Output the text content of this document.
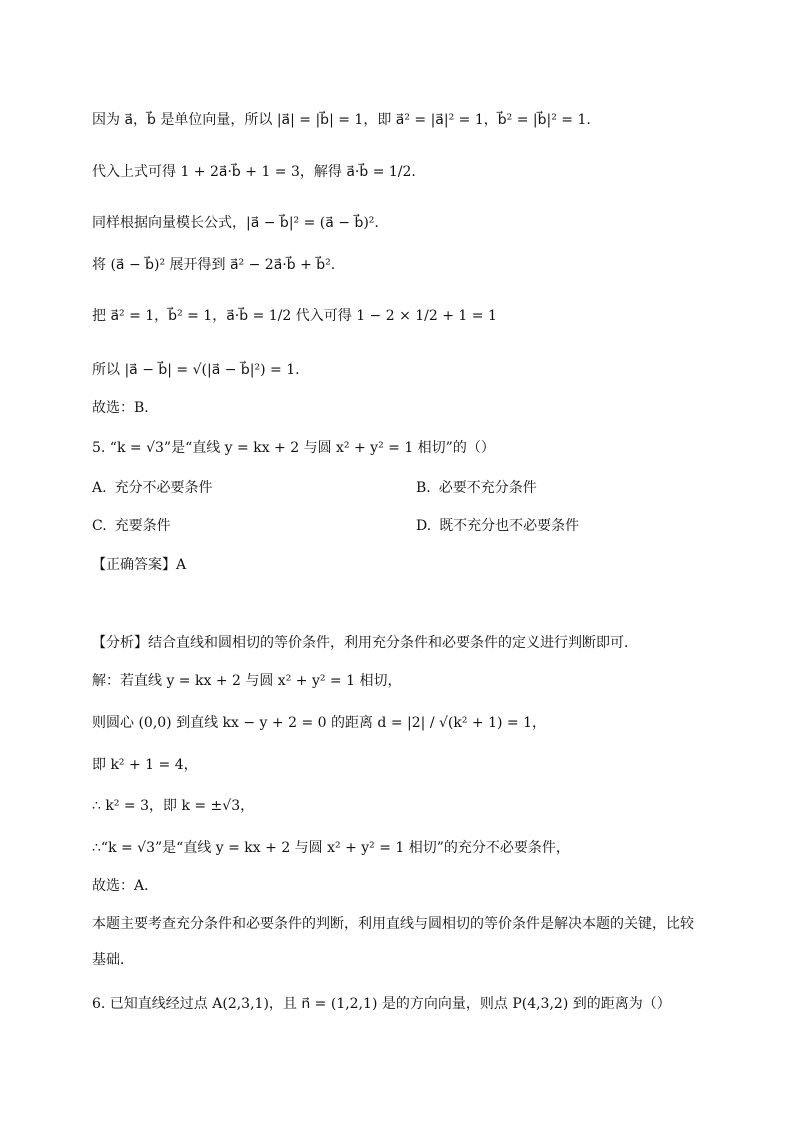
因为 a⃗，b⃗ 是单位向量，所以 |a⃗| = |b⃗| = 1，即 a⃗² = |a⃗|² = 1，b⃗² = |b⃗|² = 1.
代入上式可得 1 + 2a⃗·b⃗ + 1 = 3，解得 a⃗·b⃗ = 1/2.
同样根据向量模长公式，|a⃗ − b⃗|² = (a⃗ − b⃗)².
将 (a⃗ − b⃗)² 展开得到 a⃗² − 2a⃗·b⃗ + b⃗².
把 a⃗² = 1，b⃗² = 1，a⃗·b⃗ = 1/2 代入可得 1 − 2 × 1/2 + 1 = 1
所以 |a⃗ − b⃗| = √(|a⃗ − b⃗|²) = 1.
故选：B.
5. “k = √3”是“直线 y = kx + 2 与圆 x² + y² = 1 相切”的（）
A. 充分不必要条件	B. 必要不充分条件
C. 充要条件	D. 既不充分也不必要条件
【正确答案】A
【分析】结合直线和圆相切的等价条件，利用充分条件和必要条件的定义进行判断即可．
解：若直线 y = kx + 2 与圆 x² + y² = 1 相切，
则圆心 (0,0) 到直线 kx − y + 2 = 0 的距离 d = |2| / √(k² + 1) = 1，
即 k² + 1 = 4，
∴ k² = 3，即 k = ±√3，
∴“k = √3”是“直线 y = kx + 2 与圆 x² + y² = 1 相切”的充分不必要条件，
故选：A．
本题主要考查充分条件和必要条件的判断，利用直线与圆相切的等价条件是解决本题的关键，比较基础．
6. 已知直线经过点 A(2,3,1)，且 n⃗ = (1,2,1) 是的方向向量，则点 P(4,3,2) 到的距离为（）
